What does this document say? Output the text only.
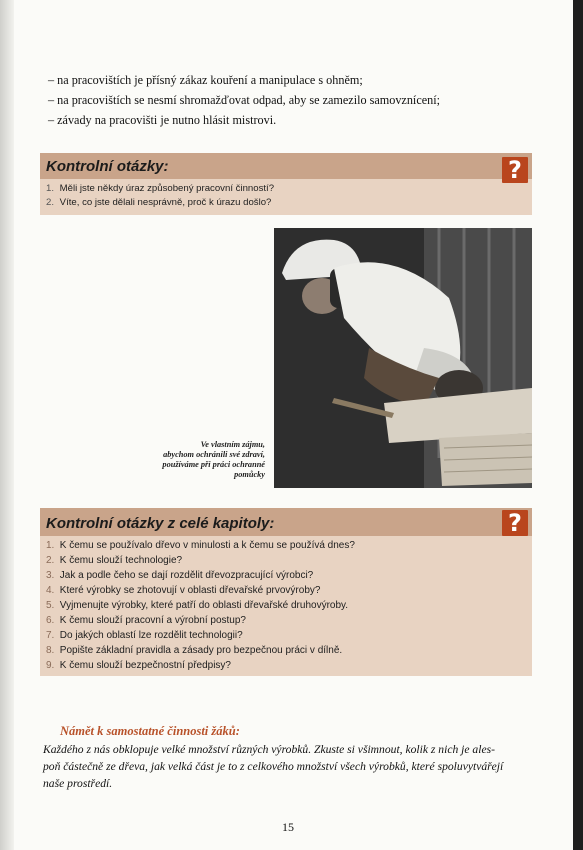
– na pracovištích je přísný zákaz kouření a manipulace s ohněm;
– na pracovištích se nesmí shromažďovat odpad, aby se zamezilo samovznícení;
– závady na pracovišti je nutno hlásit mistrovi.
Kontrolní otázky:	?
1. Měli jste někdy úraz způsobený pracovní činností?
2. Víte, co jste dělali nesprávně, proč k úrazu došlo?
Ve vlastním zájmu,
abychom ochránili své zdraví,
používáme při práci ochranné
pomůcky
Kontrolní otázky z celé kapitoly:	?
1. K čemu se používalo dřevo v minulosti a k čemu se používá dnes?
2. K čemu slouží technologie?
3. Jak a podle čeho se dají rozdělit dřevozpracující výrobci?
4. Které výrobky se zhotovují v oblasti dřevařské prvovýroby?
5. Vyjmenujte výrobky, které patří do oblasti dřevařské druhovýroby.
6. K čemu slouží pracovní a výrobní postup?
7. Do jakých oblastí lze rozdělit technologii?
8. Popište základní pravidla a zásady pro bezpečnou práci v dílně.
9. K čemu slouží bezpečnostní předpisy?
Námět k samostatné činnosti žáků:
Každého z nás obklopuje velké množství různých výrobků. Zkuste si všimnout, kolik z nich je ales-
poň částečně ze dřeva, jak velká část je to z celkového množství všech výrobků, které spoluvytvářejí
naše prostředí.
15
